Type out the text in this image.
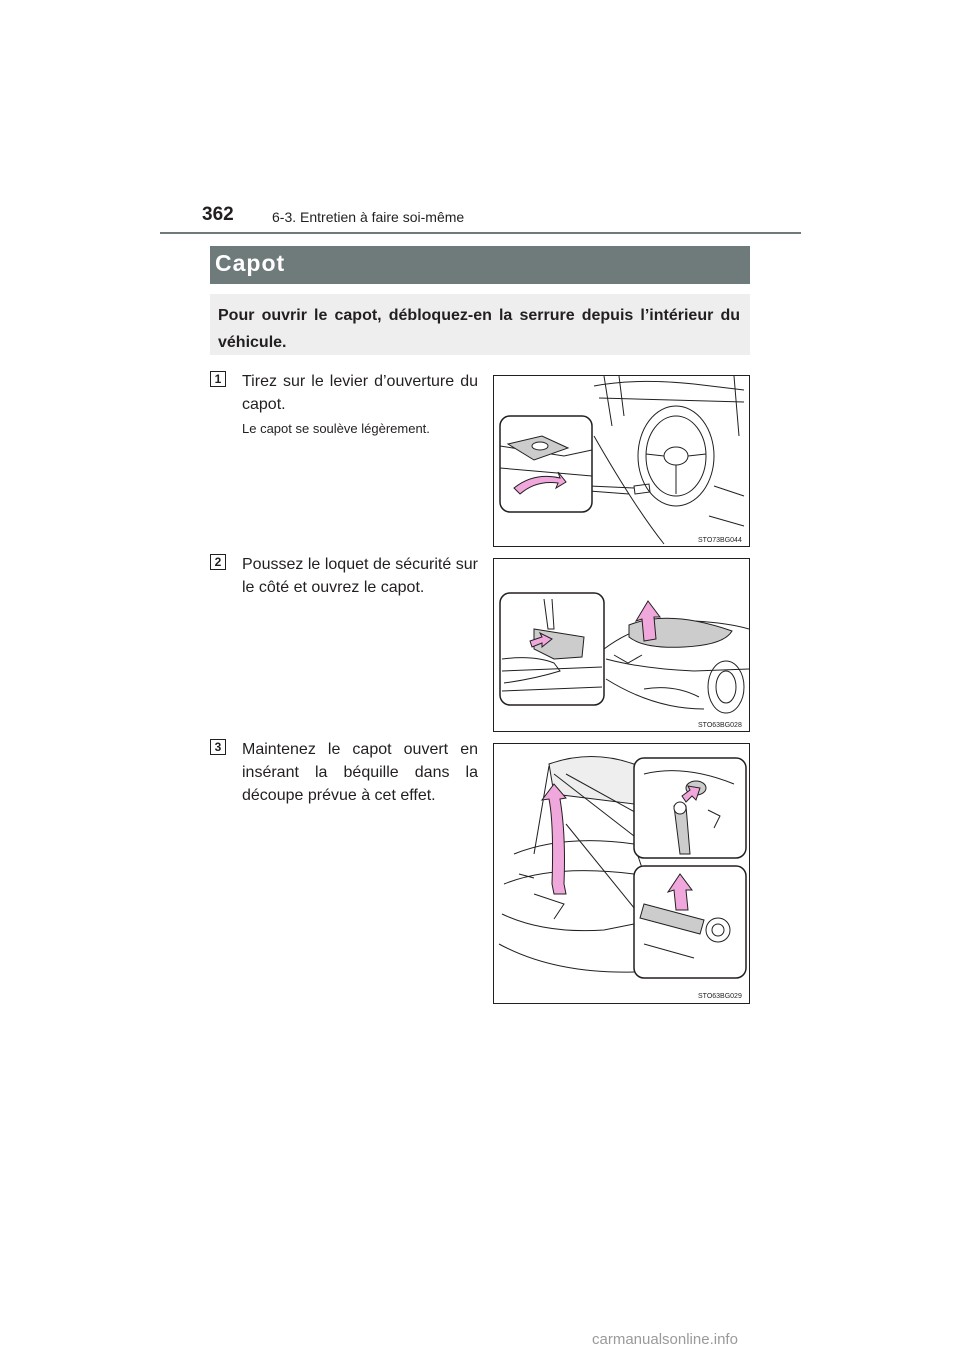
362	6-3. Entretien à faire soi-même
Capot
Pour ouvrir le capot, débloquez-en la serrure depuis l’intérieur du véhicule.
1 Tirez sur le levier d’ouverture du capot.
Le capot se soulève légèrement.
STO73BG044
2 Poussez le loquet de sécurité sur le côté et ouvrez le capot.
STO63BG028
3 Maintenez le capot ouvert en insérant la béquille dans la découpe prévue à cet effet.
STO63BG029
carmanualsonline.info
